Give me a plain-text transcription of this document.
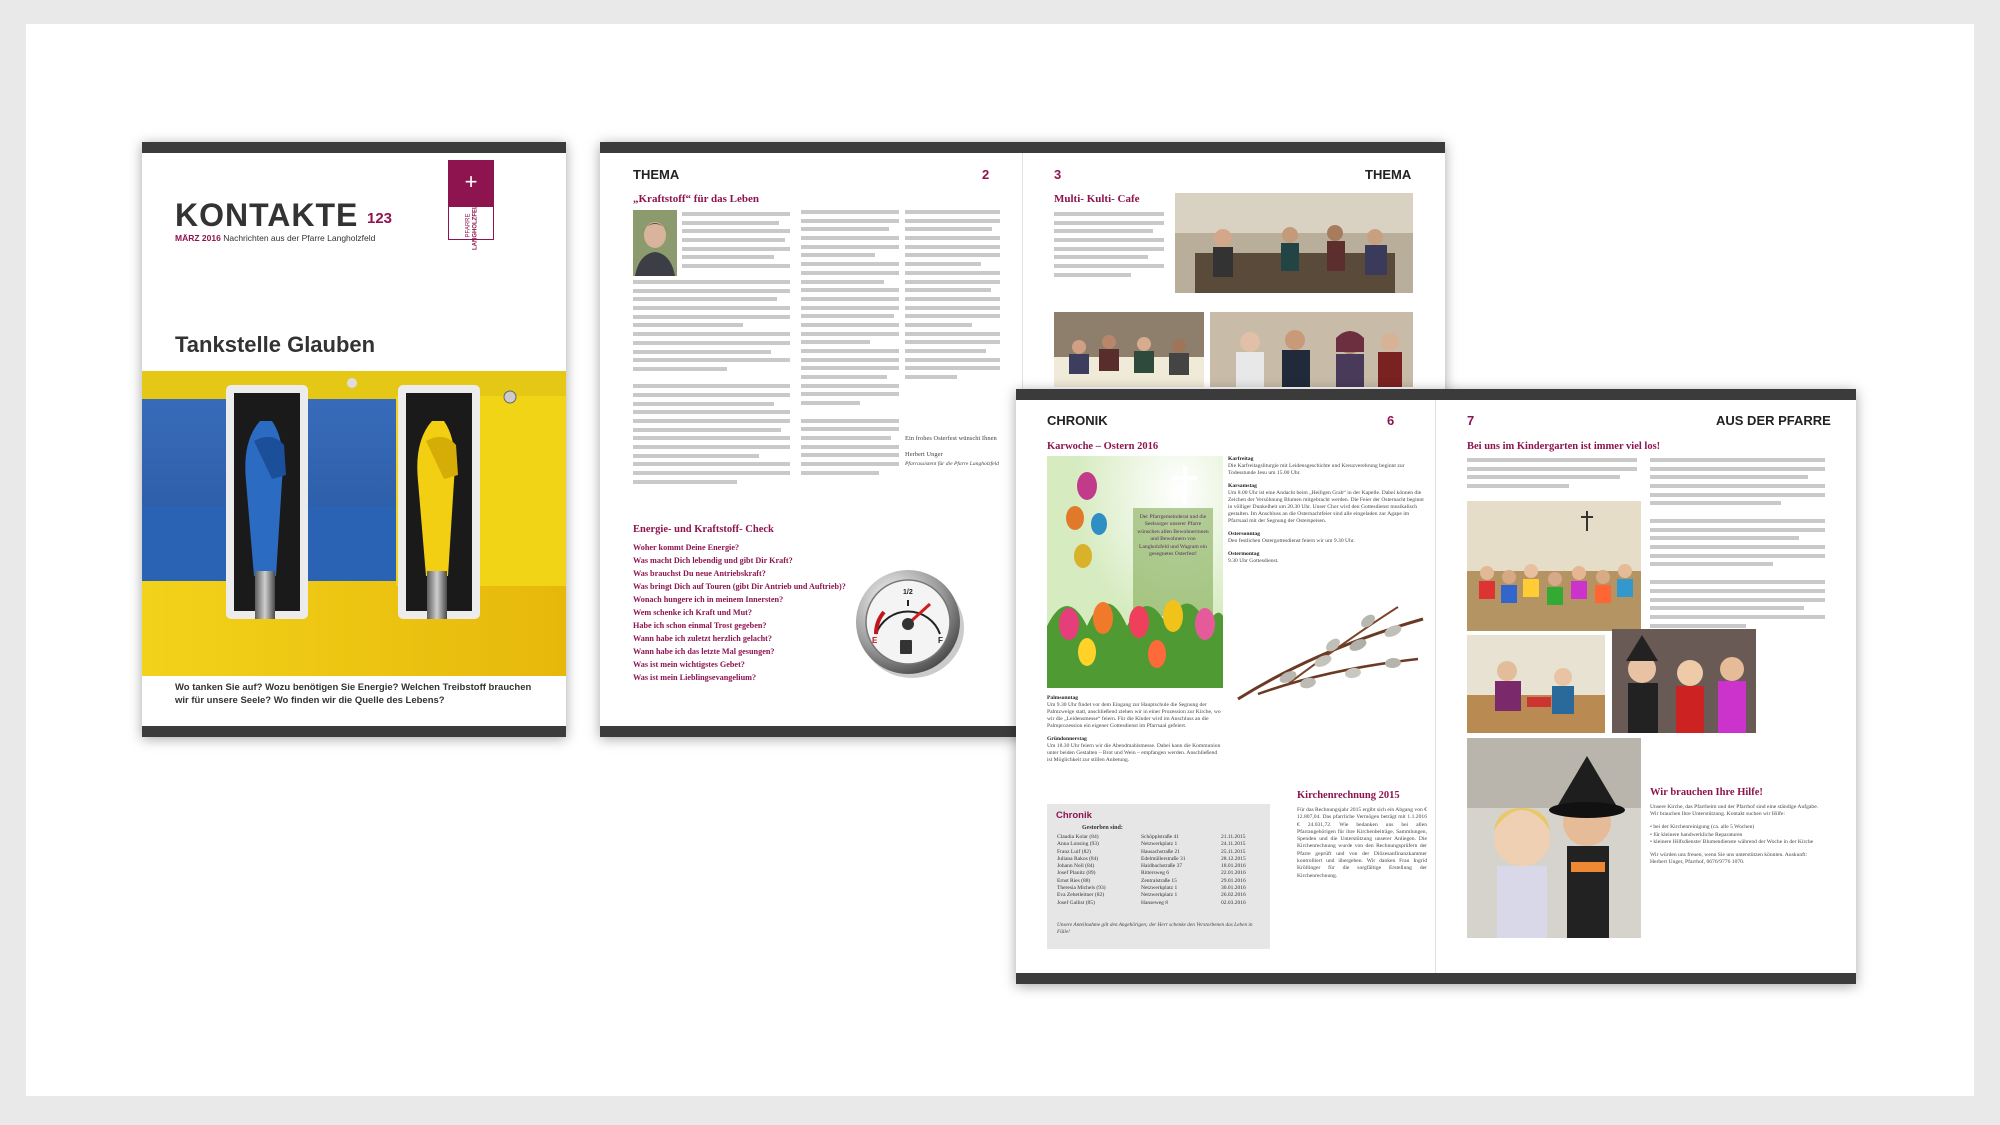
KONTAKTE 123
MÄRZ 2016 Nachrichten aus der Pfarre Langholzfeld
+
PFARRE
LANGHOLZFELD
Tankstelle Glauben
Wo tanken Sie auf? Wozu benötigen Sie Energie? Welchen Treibstoff brauchen wir für unsere Seele? Wo finden wir die Quelle des Lebens?
THEMA	2
„Kraftstoff“ für das Leben
Ein frohes Osterfest wünscht Ihnen
Herbert Unger
Pfarrassistent für die Pfarre Langholzfeld
Energie- und Kraftstoff- Check
Woher kommt Deine Energie?
Was macht Dich lebendig und gibt Dir Kraft?
Was brauchst Du neue Antriebskraft?
Was bringt Dich auf Touren (gibt Dir Antrieb und Auftrieb)?
Wonach hungere ich in meinem Innersten?
Wem schenke ich Kraft und Mut?
Habe ich schon einmal Trost gegeben?
Wann habe ich zuletzt herzlich gelacht?
Wann habe ich das letzte Mal gesungen?
Was ist mein wichtigstes Gebet?
Was ist mein Lieblingsevangelium?
1/2
E	F
3	THEMA
Multi- Kulti- Cafe
CHRONIK	6
Karwoche – Ostern 2016
Der Pfarrgemeinderat und die Seelsorger unserer Pfarre wünschen allen Bewohnerinnen und Bewohnern von Langholzfeld und Wagram ein gesegnetes Osterfest!
Karfreitag
Die Karfreitagsliturgie mit Leidensgeschichte und Kreuzverehrung beginnt zur Todesstunde Jesu um 15.00 Uhr.
Karsamstag
Um 8.00 Uhr ist eine Andacht beim „Heiligen Grab“ in der Kapelle. Dabei können die Zeichen der Versöhnung Blumen mitgebracht werden. Die Feier der Osternacht beginnt in völliger Dunkelheit um 20.30 Uhr. Unser Chor wird den Gottesdienst musikalisch gestalten. Im Anschluss an die Osternachtfeier sind alle eingeladen zur Agape im Pfarrsaal mit der Segnung der Osterspeisen.
Ostersonntag
Den festlichen Ostergottesdienst feiern wir um 9.30 Uhr.
Ostermontag
9.30 Uhr Gottesdienst.
Palmsonntag
Um 9.30 Uhr findet vor dem Eingang zur Hauptschule die Segnung der Palmzweige statt, anschließend ziehen wir in einer Prozession zur Kirche, wo wir die „Leidensmesse“ feiern. Für die Kinder wird im Anschluss an die Palmprozession ein eigener Gottesdienst im Pfarrsaal gefeiert.
Gründonnerstag
Um 18.30 Uhr feiern wir die Abendmahlsmesse. Dabei kann die Kommunion unter beiden Gestalten – Brot und Wein – empfangen werden. Anschließend ist Möglichkeit zur stillen Anbetung.
Chronik
Gestorben sind:
Claudia Kolar (84)	Schöpplstraße 41	21.11.2015
Anna Lonsing (93)	Netzwerkplatz 1	24.11.2015
Franz Luif (82)	Hausachstraße 21	25.11.2015
Juliana Rakos (84)	Edelmüllerstraße 31	28.12.2015
Johann Noll (84)	Haidbachstraße 37	18.01.2016
Josef Planitz (89)	Rittersweg 6	22.01.2016
Ernst Ries (88)	Zentralstraße 15	29.01.2016
Theresia Michels (93)	Netzwerkplatz 1	30.01.2016
Eva Zehetleitner (82)	Netzwerkplatz 1	26.02.2016
Josef Gallist (85)	Hanseweg 8	02.03.2016
Unsere Anteilnahme gilt den Angehörigen; der Herr schenke den Verstorbenen das Leben in Fülle!
Kirchenrechnung 2015
Für das Rechnungsjahr 2015 ergibt sich ein Abgang von € 12.807,04. Das pfarrliche Vermögen beträgt mit 1.1.2016 € 24.031,72. Wie bedanken uns bei allen Pfarrangehörigen für ihre Kirchenbeiträge, Sammlungen, Spenden und die Unterstützung unserer Anliegen. Die Kirchenrechnung wurde von den Rechnungsprüfern der Pfarre geprüft und von der Diözesanfinanzkammer kontrolliert und übergeben. Wir danken Frau Ingrid Kröllinger für die sorgfältige Erstellung der Kirchenrechnung.
7	AUS DER PFARRE
Bei uns im Kindergarten ist immer viel los!
Wir brauchen Ihre Hilfe!
Unsere Kirche, das Pfarrheim und der Pfarrhof sind eine ständige Aufgabe. Wir brauchen Ihre Unterstützung. Kontakt suchen wir Hilfe:
• bei der Kirchenreinigung (ca. alle 5 Wochen)
• für kleinere handwerkliche Reparaturen
• kleinere Hilfsdienste/ Blumendienste während der Woche in der Kirche
Wir würden uns freuen, wenn Sie uns unterstützen könnten. Auskunft: Herbert Unger, Pfarrhof, 0676/9776 1070.
